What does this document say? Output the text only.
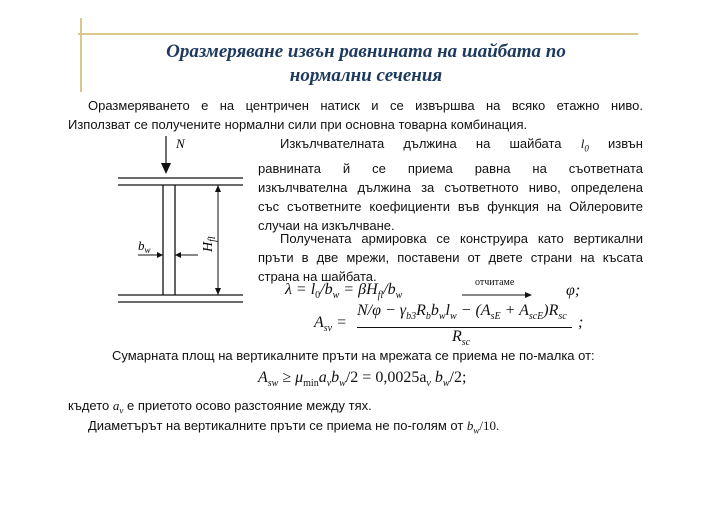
Оразмеряване извън равнината на шайбата по
нормални сечения
Оразмеряването е на центричен натиск и се извършва на всяко етажно ниво.
Използват се получените нормални сили при основна товарна комбинация.
N
$b_w$	$H_{fl}$
Изкълчвателната дължина на шайбата $l_0$ извън
равнината й се приема равна на съответната
изкълчвателна дължина за съответното ниво, определена
със съответните коефициенти във функция на Ойлеровите
случаи на изкълчване.
Получената армировка се конструира като вертикални
пръти в две мрежи, поставени от двете страни на късата
страна на шайбата.
$\lambda = l_0/b_w = \beta H_{fl}/b_w$
отчитаме	φ;
$A_{sv}$ =
$N/\varphi - \gamma_{b3}R_bb_wl_w - (A_{sE} + A_{scE})R_{sc}$
$R_{sc}$
;
Сумарната площ на вертикалните пръти на мрежата се приема не по-малка от:
$A_{sw} \ge \mu_{min}a_vb_w/2 = 0,0025a_v$ $b_w/2$;
където $a_v$ е приетото осово разстояние между тях.
Диаметърът на вертикалните пръти се приема не по-голям от $b_w/10$.
